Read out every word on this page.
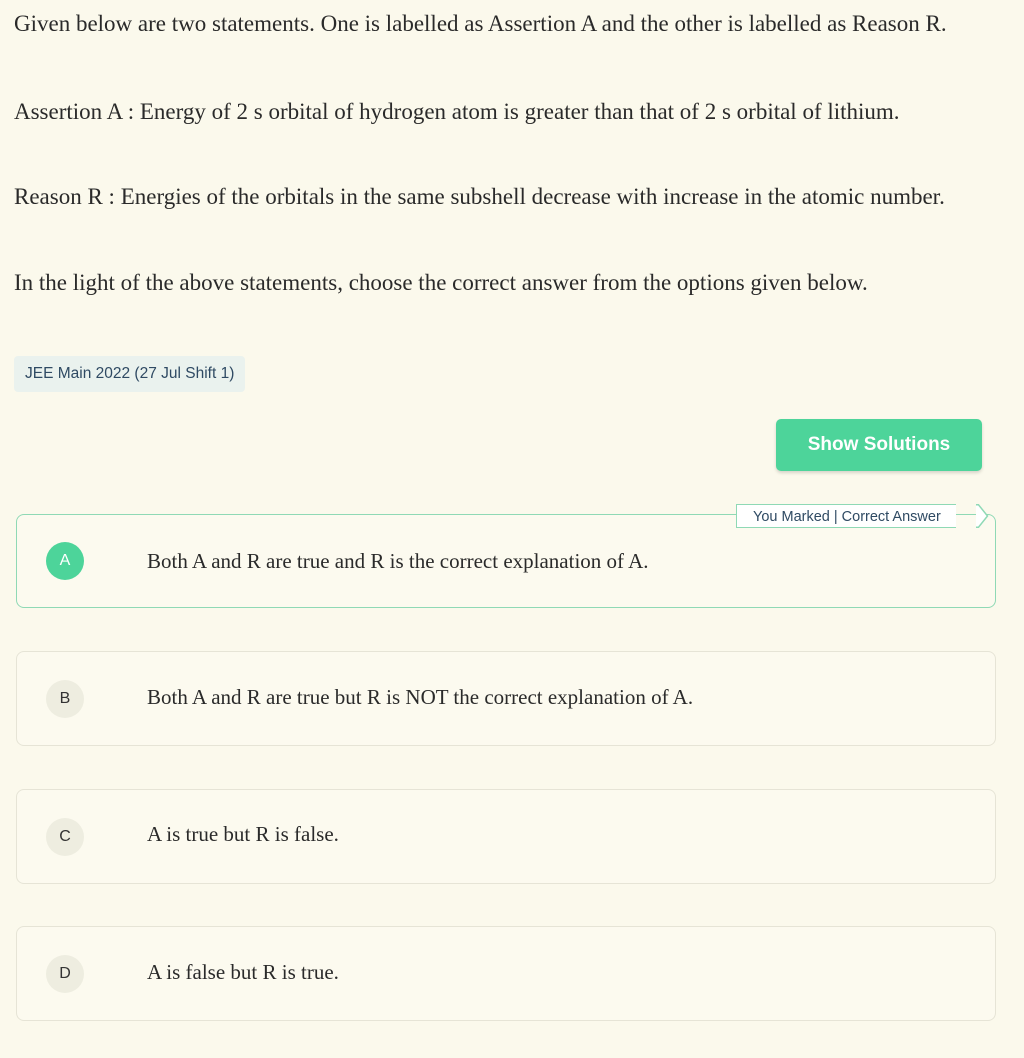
Given below are two statements. One is labelled as Assertion A and the other is labelled as Reason R.

Assertion A : Energy of 2 s orbital of hydrogen atom is greater than that of 2 s orbital of lithium.

Reason R : Energies of the orbitals in the same subshell decrease with increase in the atomic number.

In the light of the above statements, choose the correct answer from the options given below.

JEE Main 2022 (27 Jul Shift 1)
Show Solutions
A	Both A and R are true and R is the correct explanation of A.
You Marked | Correct Answer
B	Both A and R are true but R is NOT the correct explanation of A.
C	A is true but R is false.
D	A is false but R is true.
